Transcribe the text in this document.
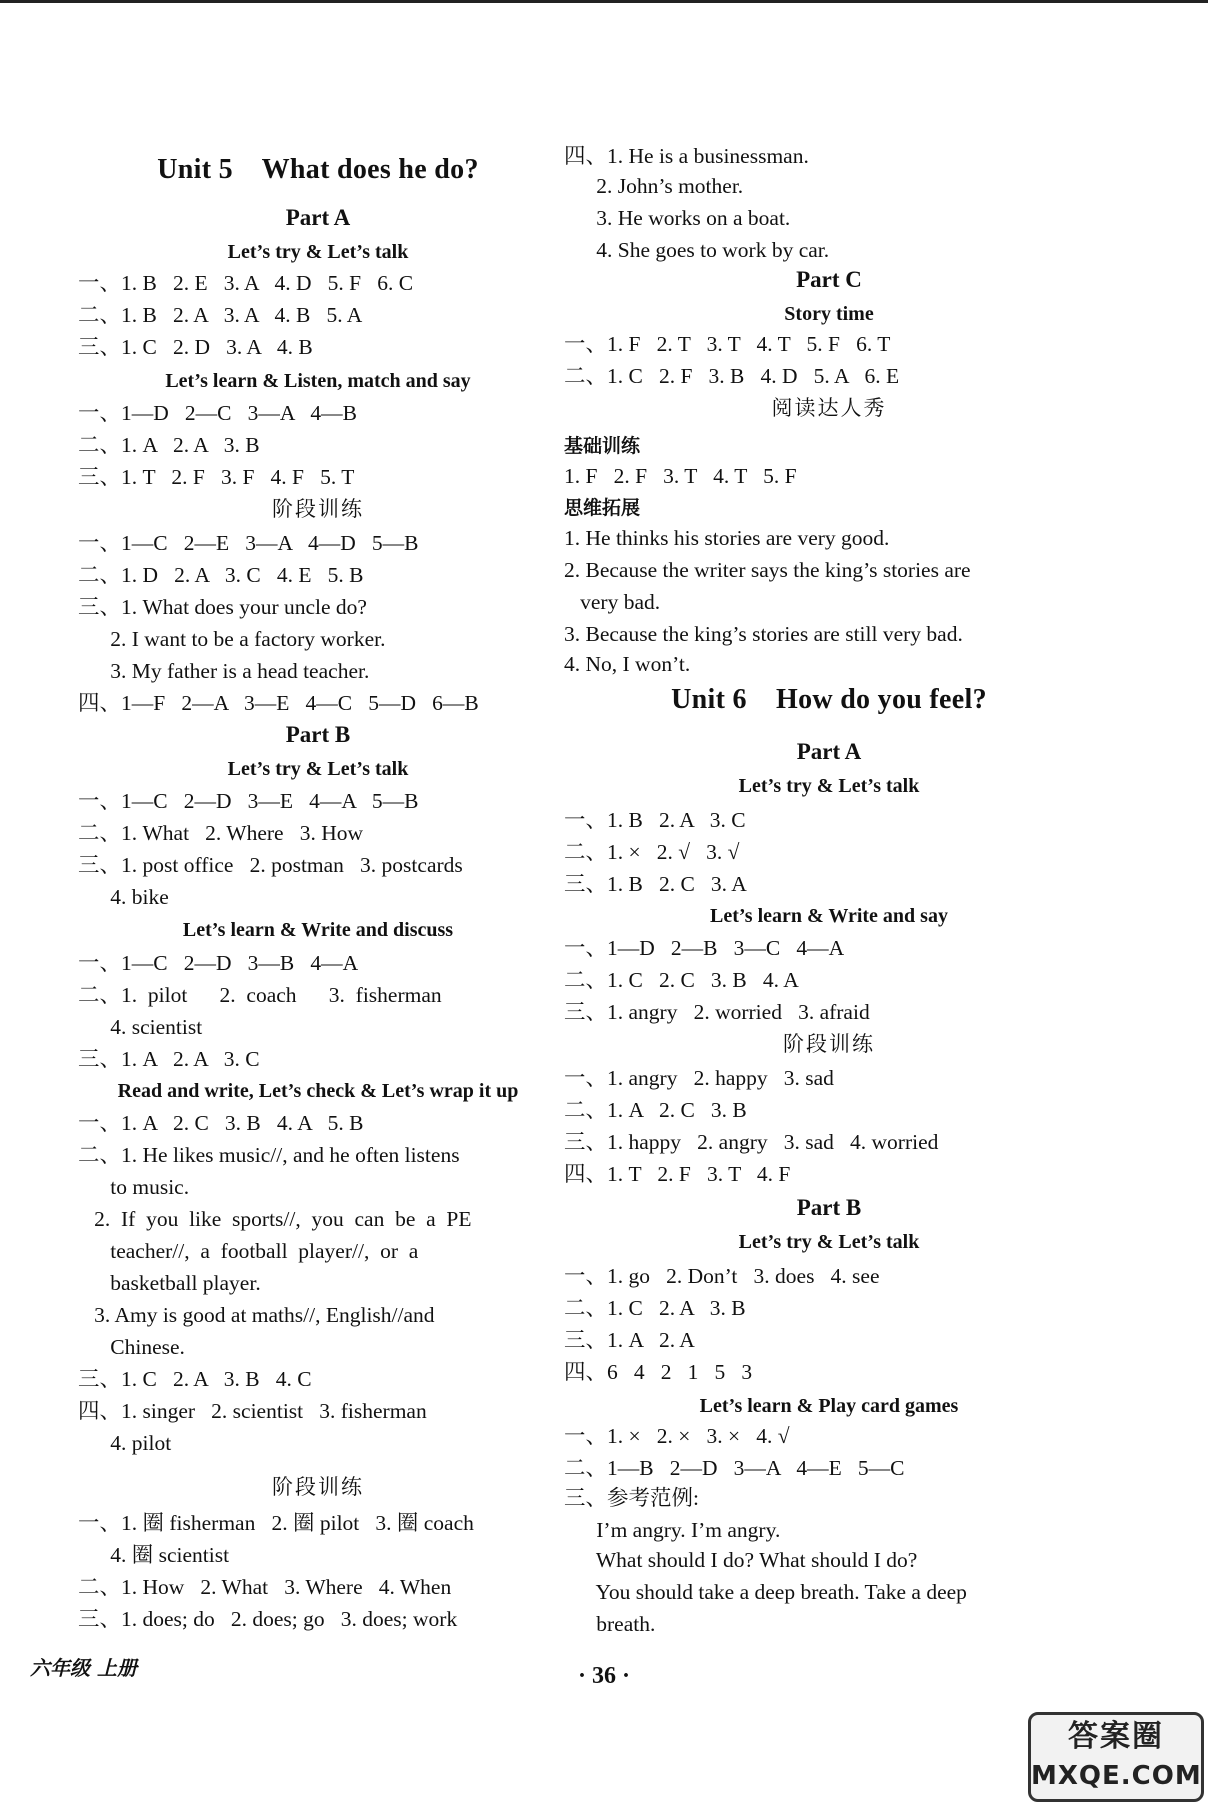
Unit 5    What does he do?
Part A
Let’s try & Let’s talk
一、1. B   2. E   3. A   4. D   5. F   6. C
二、1. B   2. A   3. A   4. B   5. A
三、1. C   2. D   3. A   4. B
Let’s learn & Listen, match and say
一、1—D   2—C   3—A   4—B
二、1. A   2. A   3. B
三、1. T   2. F   3. F   4. F   5. T
阶段训练
一、1—C   2—E   3—A   4—D   5—B
二、1. D   2. A   3. C   4. E   5. B
三、1. What does your uncle do?
2. I want to be a factory worker.
3. My father is a head teacher.
四、1—F   2—A   3—E   4—C   5—D   6—B
Part B
Let’s try & Let’s talk
一、1—C   2—D   3—E   4—A   5—B
二、1. What   2. Where   3. How
三、1. post office   2. postman   3. postcards
4. bike
Let’s learn & Write and discuss
一、1—C   2—D   3—B   4—A
二、1.  pilot      2.  coach      3.  fisherman
4. scientist
三、1. A   2. A   3. C
Read and write, Let’s check & Let’s wrap it up
一、1. A   2. C   3. B   4. A   5. B
二、1. He likes music//, and he often listens
to music.
2.  If  you  like  sports//,  you  can  be  a  PE
teacher//,  a  football  player//,  or  a
basketball player.
3. Amy is good at maths//, English//and
Chinese.
三、1. C   2. A   3. B   4. C
四、1. singer   2. scientist   3. fisherman
4. pilot
阶段训练
一、1. 圈 fisherman   2. 圈 pilot   3. 圈 coach
4. 圈 scientist
二、1. How   2. What   3. Where   4. When
三、1. does; do   2. does; go   3. does; work
四、1. He is a businessman.
2. John’s mother.
3. He works on a boat.
4. She goes to work by car.
Part C
Story time
一、1. F   2. T   3. T   4. T   5. F   6. T
二、1. C   2. F   3. B   4. D   5. A   6. E
阅读达人秀
基础训练
1. F   2. F   3. T   4. T   5. F
思维拓展
1. He thinks his stories are very good.
2. Because the writer says the king’s stories are
very bad.
3. Because the king’s stories are still very bad.
4. No, I won’t.
Unit 6    How do you feel?
Part A
Let’s try & Let’s talk
一、1. B   2. A   3. C
二、1. ×   2. √   3. √
三、1. B   2. C   3. A
Let’s learn & Write and say
一、1—D   2—B   3—C   4—A
二、1. C   2. C   3. B   4. A
三、1. angry   2. worried   3. afraid
阶段训练
一、1. angry   2. happy   3. sad
二、1. A   2. C   3. B
三、1. happy   2. angry   3. sad   4. worried
四、1. T   2. F   3. T   4. F
Part B
Let’s try & Let’s talk
一、1. go   2. Don’t   3. does   4. see
二、1. C   2. A   3. B
三、1. A   2. A
四、6   4   2   1   5   3
Let’s learn & Play card games
一、1. ×   2. ×   3. ×   4. √
二、1—B   2—D   3—A   4—E   5—C
三、参考范例:
I’m angry. I’m angry.
What should I do? What should I do?
You should take a deep breath. Take a deep
breath.
六年级 上册	· 36 ·
答案圈
MXQE.COM
